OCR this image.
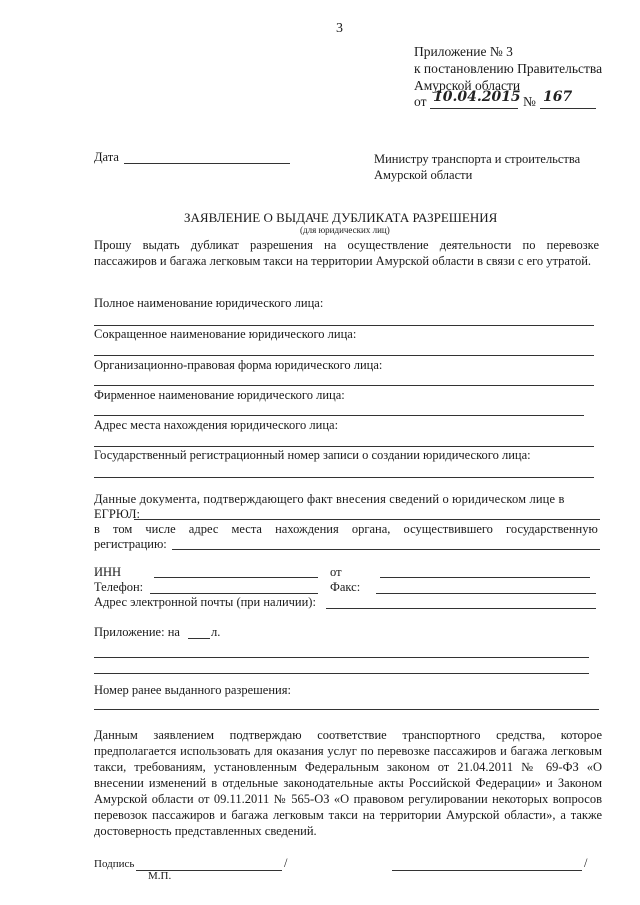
3
Приложение № 3
к постановлению Правительства
Амурской области
от 10.04.2015 № 167
Дата	Министру транспорта и строительства
Амурской области
ЗАЯВЛЕНИЕ О ВЫДАЧЕ ДУБЛИКАТА РАЗРЕШЕНИЯ
(для юридических лиц)
Прошу выдать дубликат разрешения на осуществление деятельности по перевозке пассажиров и багажа легковым такси на территории Амурской области в связи с его утратой.
Полное наименование юридического лица:
Сокращенное наименование юридического лица:
Организационно-правовая форма юридического лица:
Фирменное наименование юридического лица:
Адрес места нахождения юридического лица:
Государственный регистрационный номер записи о создании юридического лица:
Данные документа, подтверждающего факт внесения сведений о юридическом лице в
ЕГРЮЛ:
в том числе адрес места нахождения органа, осуществившего государственную
регистрацию:
ИНН	от
Телефон:	Факс:
Адрес электронной почты (при наличии):
Приложение: на л.
Номер ранее выданного разрешения:
Данным заявлением подтверждаю соответствие транспортного средства, которое предполагается использовать для оказания услуг по перевозке пассажиров и багажа легковым такси, требованиям, установленным Федеральным законом от 21.04.2011 № 69-ФЗ «О внесении изменений в отдельные законодательные акты Российской Федерации» и Законом Амурской области от 09.11.2011 № 565-ОЗ «О правовом регулировании некоторых вопросов перевозок пассажиров и багажа легковым такси на территории Амурской области», а также достоверность представленных сведений.
Подпись	/	/
М.П.
